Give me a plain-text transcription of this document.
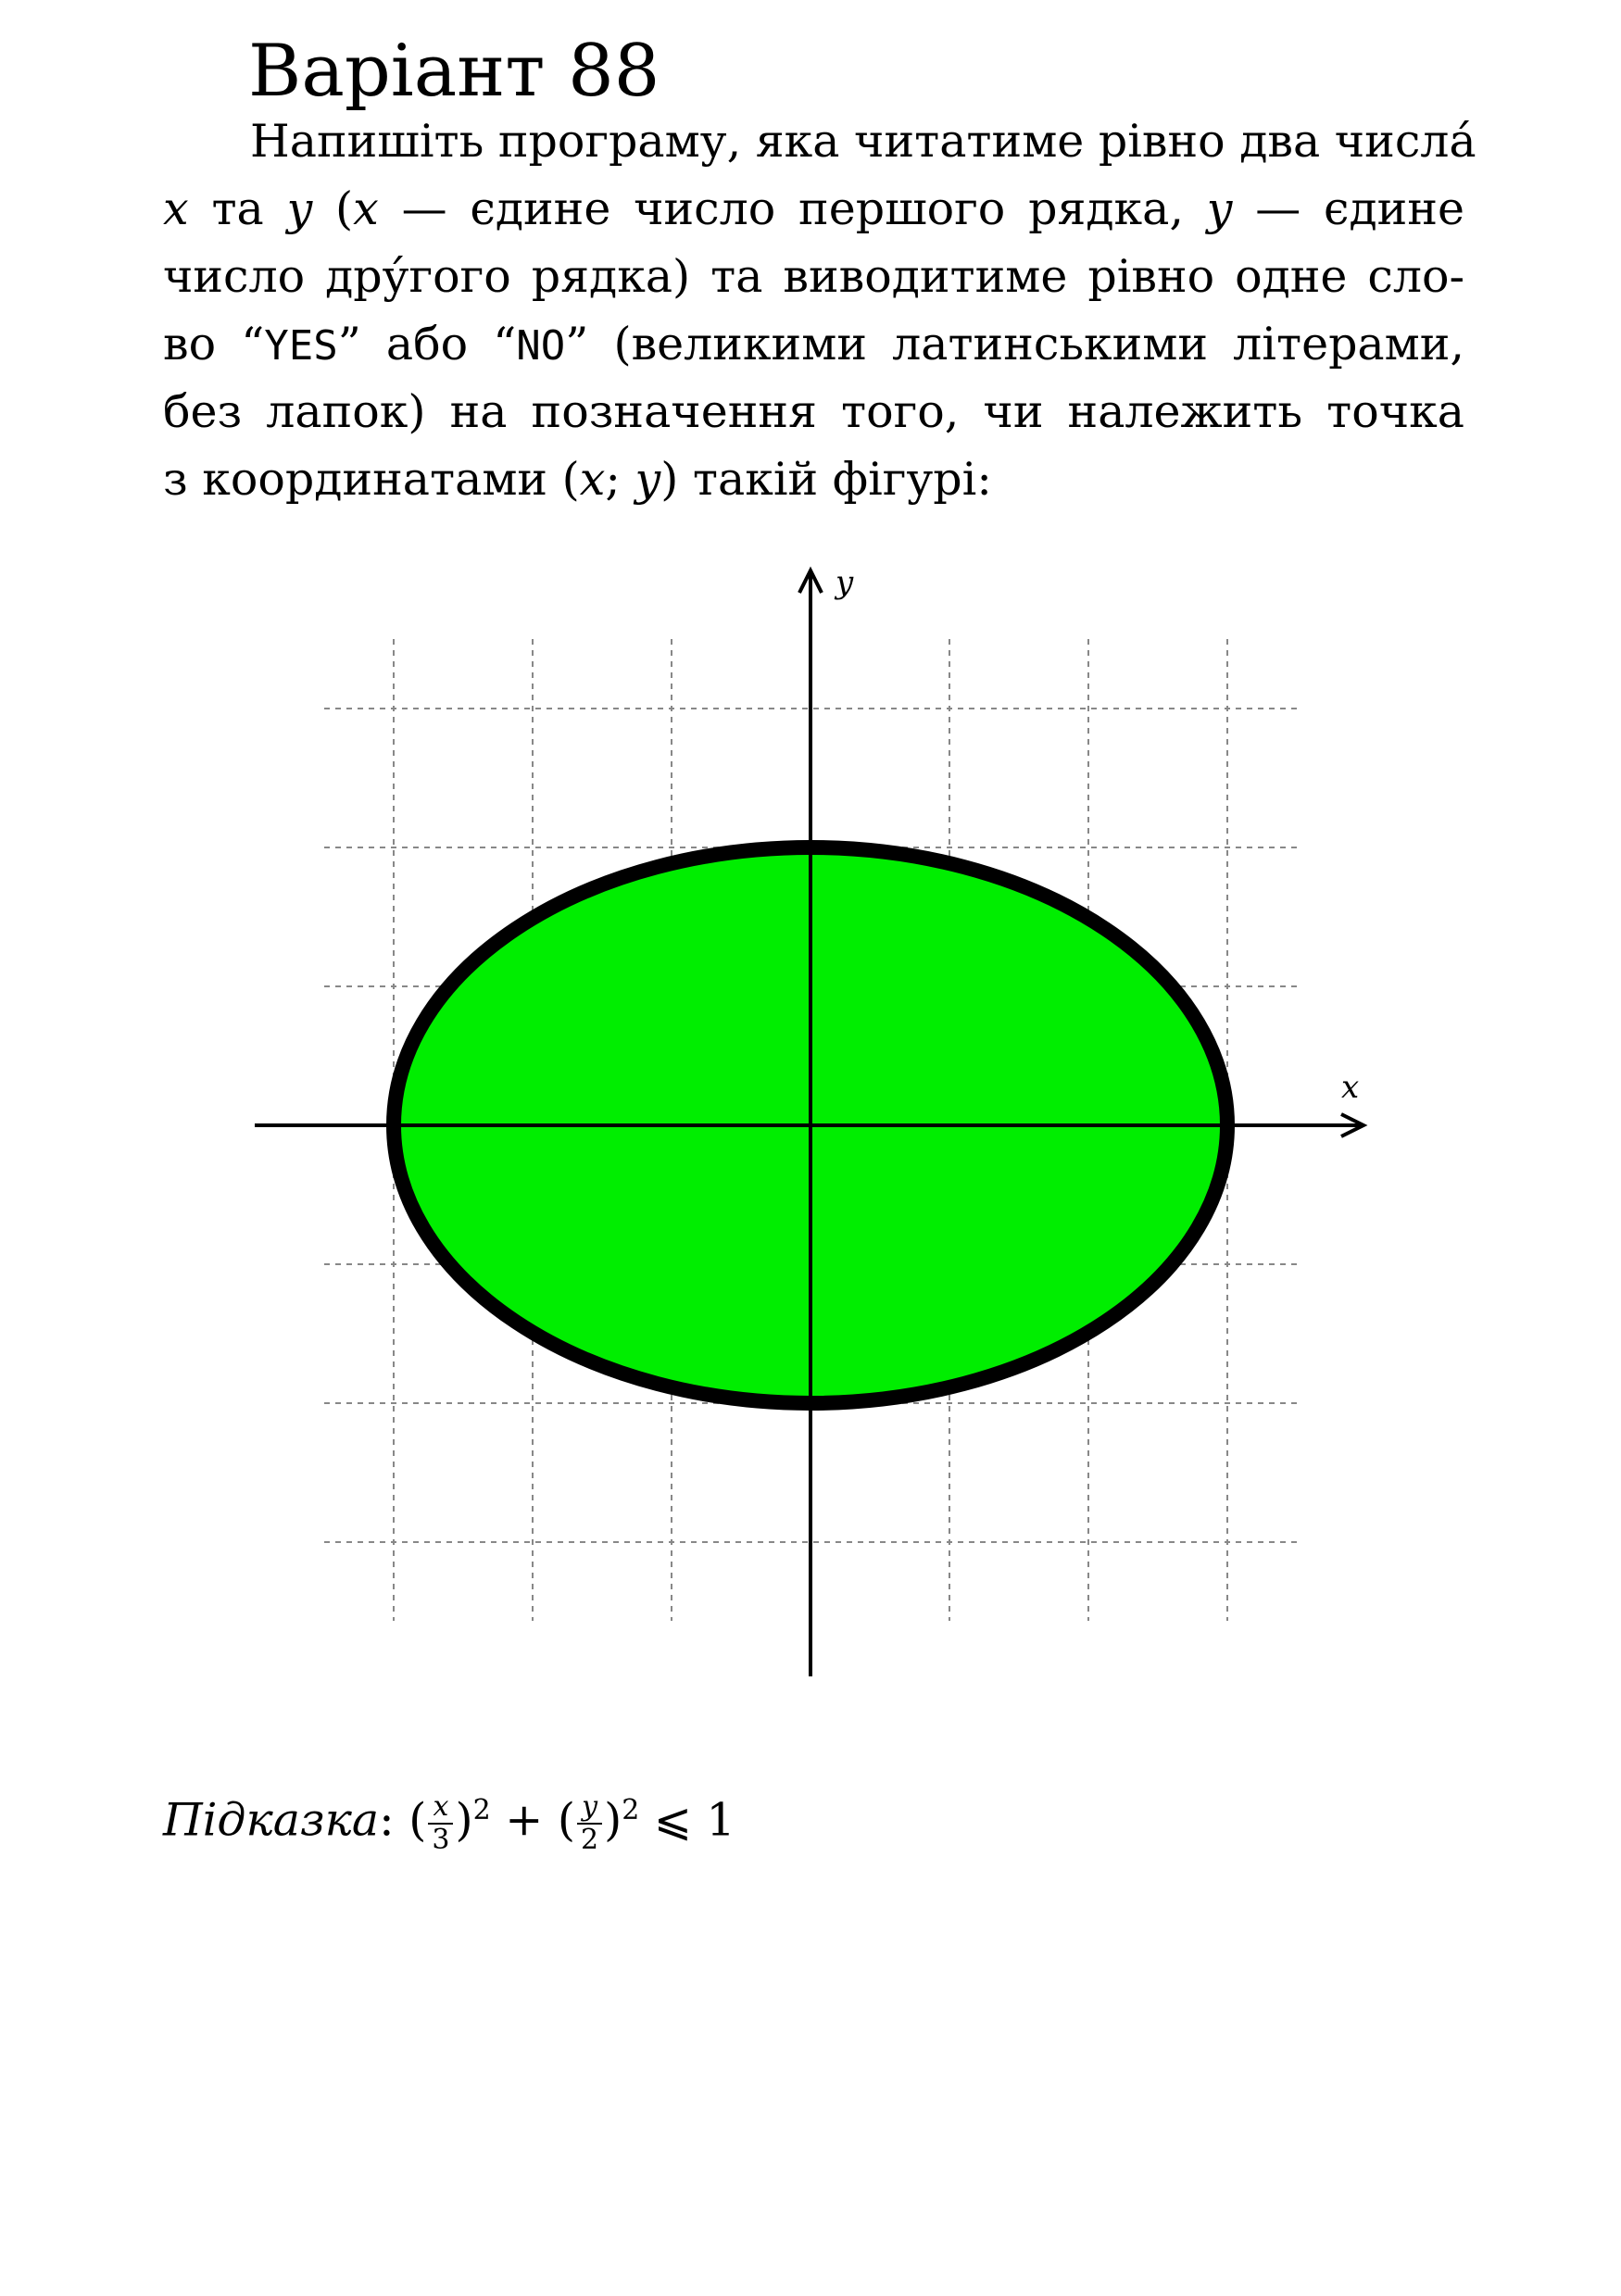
Варіант 88
Напишіть програму, яка читатиме рівно два числа́
x та y (x — єдине число першого рядка, y — єдине
число дру́гого рядка) та виводитиме рівно одне сло-
во “YES” або “NO” (великими латинськими літерами,
без лапок) на позначення того, чи належить точка
з координатами (x; y) такій фігурі:
x
y
Підказка: ( $\frac{x}{3} )^2$ + ( $\frac{y}{2} )^2$ ⩽ 1
